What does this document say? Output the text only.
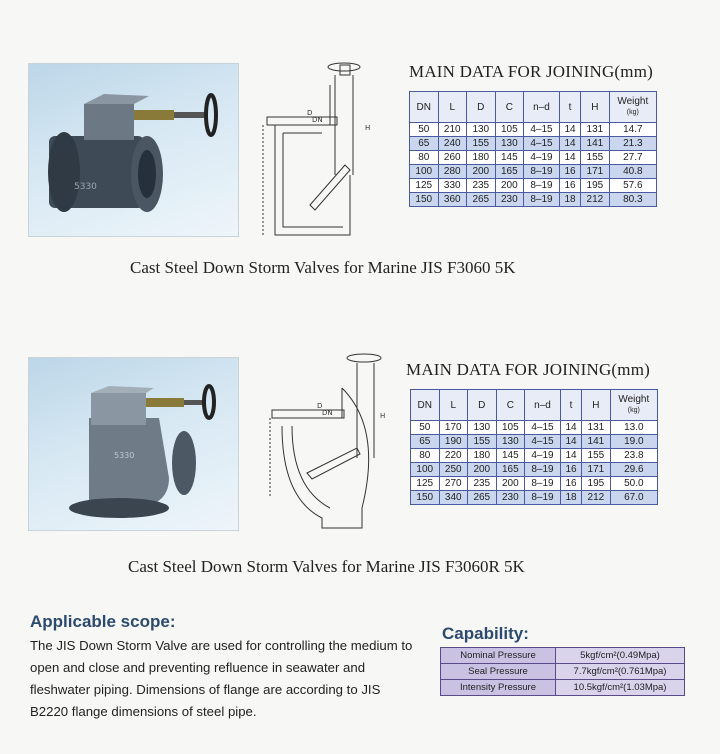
5330
D
DN
H
MAIN DATA FOR JOINING(mm)
DN	L	D	C	n–d	t	H	Weight
(kg)

50	210	130	105	4–15	14	131	14.7
65	240	155	130	4–15	14	141	21.3
80	260	180	145	4–19	14	155	27.7
100	280	200	165	8–19	16	171	40.8
125	330	235	200	8–19	16	195	57.6
150	360	265	230	8–19	18	212	80.3
Cast Steel Down Storm Valves for Marine JIS F3060 5K
5330
D
DN	H
MAIN DATA FOR JOINING(mm)
DN	L	D	C	n–d	t	H	Weight
(kg)

50	170	130	105	4–15	14	131	13.0
65	190	155	130	4–15	14	141	19.0
80	220	180	145	4–19	14	155	23.8
100	250	200	165	8–19	16	171	29.6
125	270	235	200	8–19	16	195	50.0
150	340	265	230	8–19	18	212	67.0
Cast Steel Down Storm Valves for Marine JIS F3060R 5K
Applicable scope:
The JIS Down Storm Valve are used for controlling the medium to open and close and preventing refluence in seawater and fleshwater piping. Dimensions of flange are according to JIS B2220 flange dimensions of steel pipe.
Capability:
Nominal Pressure	5kgf/cm²(0.49Mpa)
Seal Pressure	7.7kgf/cm²(0.761Mpa)
Intensity Pressure	10.5kgf/cm²(1.03Mpa)
